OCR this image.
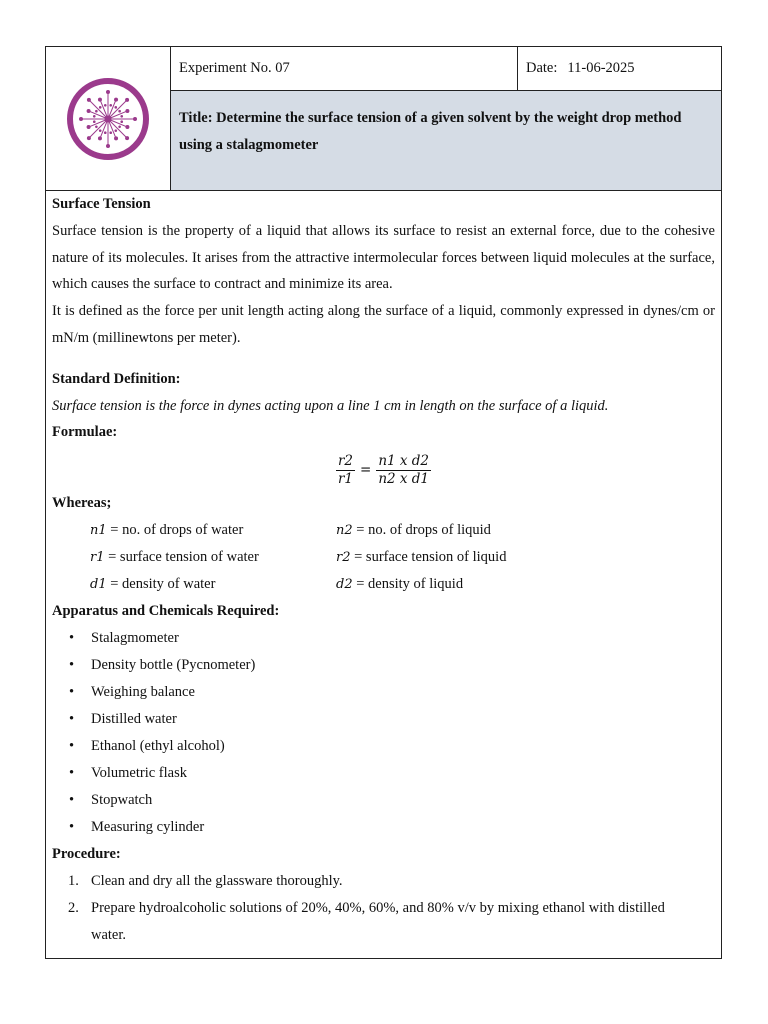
Experiment No. 07	Date: 11-06-2025
Title: Determine the surface tension of a given solvent by the weight drop method using a stalagmometer
Surface Tension
Surface tension is the property of a liquid that allows its surface to resist an external force, due to the cohesive nature of its molecules. It arises from the attractive intermolecular forces between liquid molecules at the surface, which causes the surface to contract and minimize its area.
It is defined as the force per unit length acting along the surface of a liquid, commonly expressed in dynes/cm or mN/m (millinewtons per meter).
Standard Definition:
Surface tension is the force in dynes acting upon a line 1 cm in length on the surface of a liquid.
Formulae:
$\frac{r2}{r1} = \frac{\text{n1 x d2}}{\text{n2 x d1}}$
Whereas;
n1 = no. of drops of water	n2 = no. of drops of liquid
r1 = surface tension of water	r2 = surface tension of liquid
d1 = density of water	d2 = density of liquid
Apparatus and Chemicals Required:
• Stalagmometer
• Density bottle (Pycnometer)
• Weighing balance
• Distilled water
• Ethanol (ethyl alcohol)
• Volumetric flask
• Stopwatch
• Measuring cylinder
Procedure:
1. Clean and dry all the glassware thoroughly.
2. Prepare hydroalcoholic solutions of 20%, 40%, 60%, and 80% v/v by mixing ethanol with distilled water.
